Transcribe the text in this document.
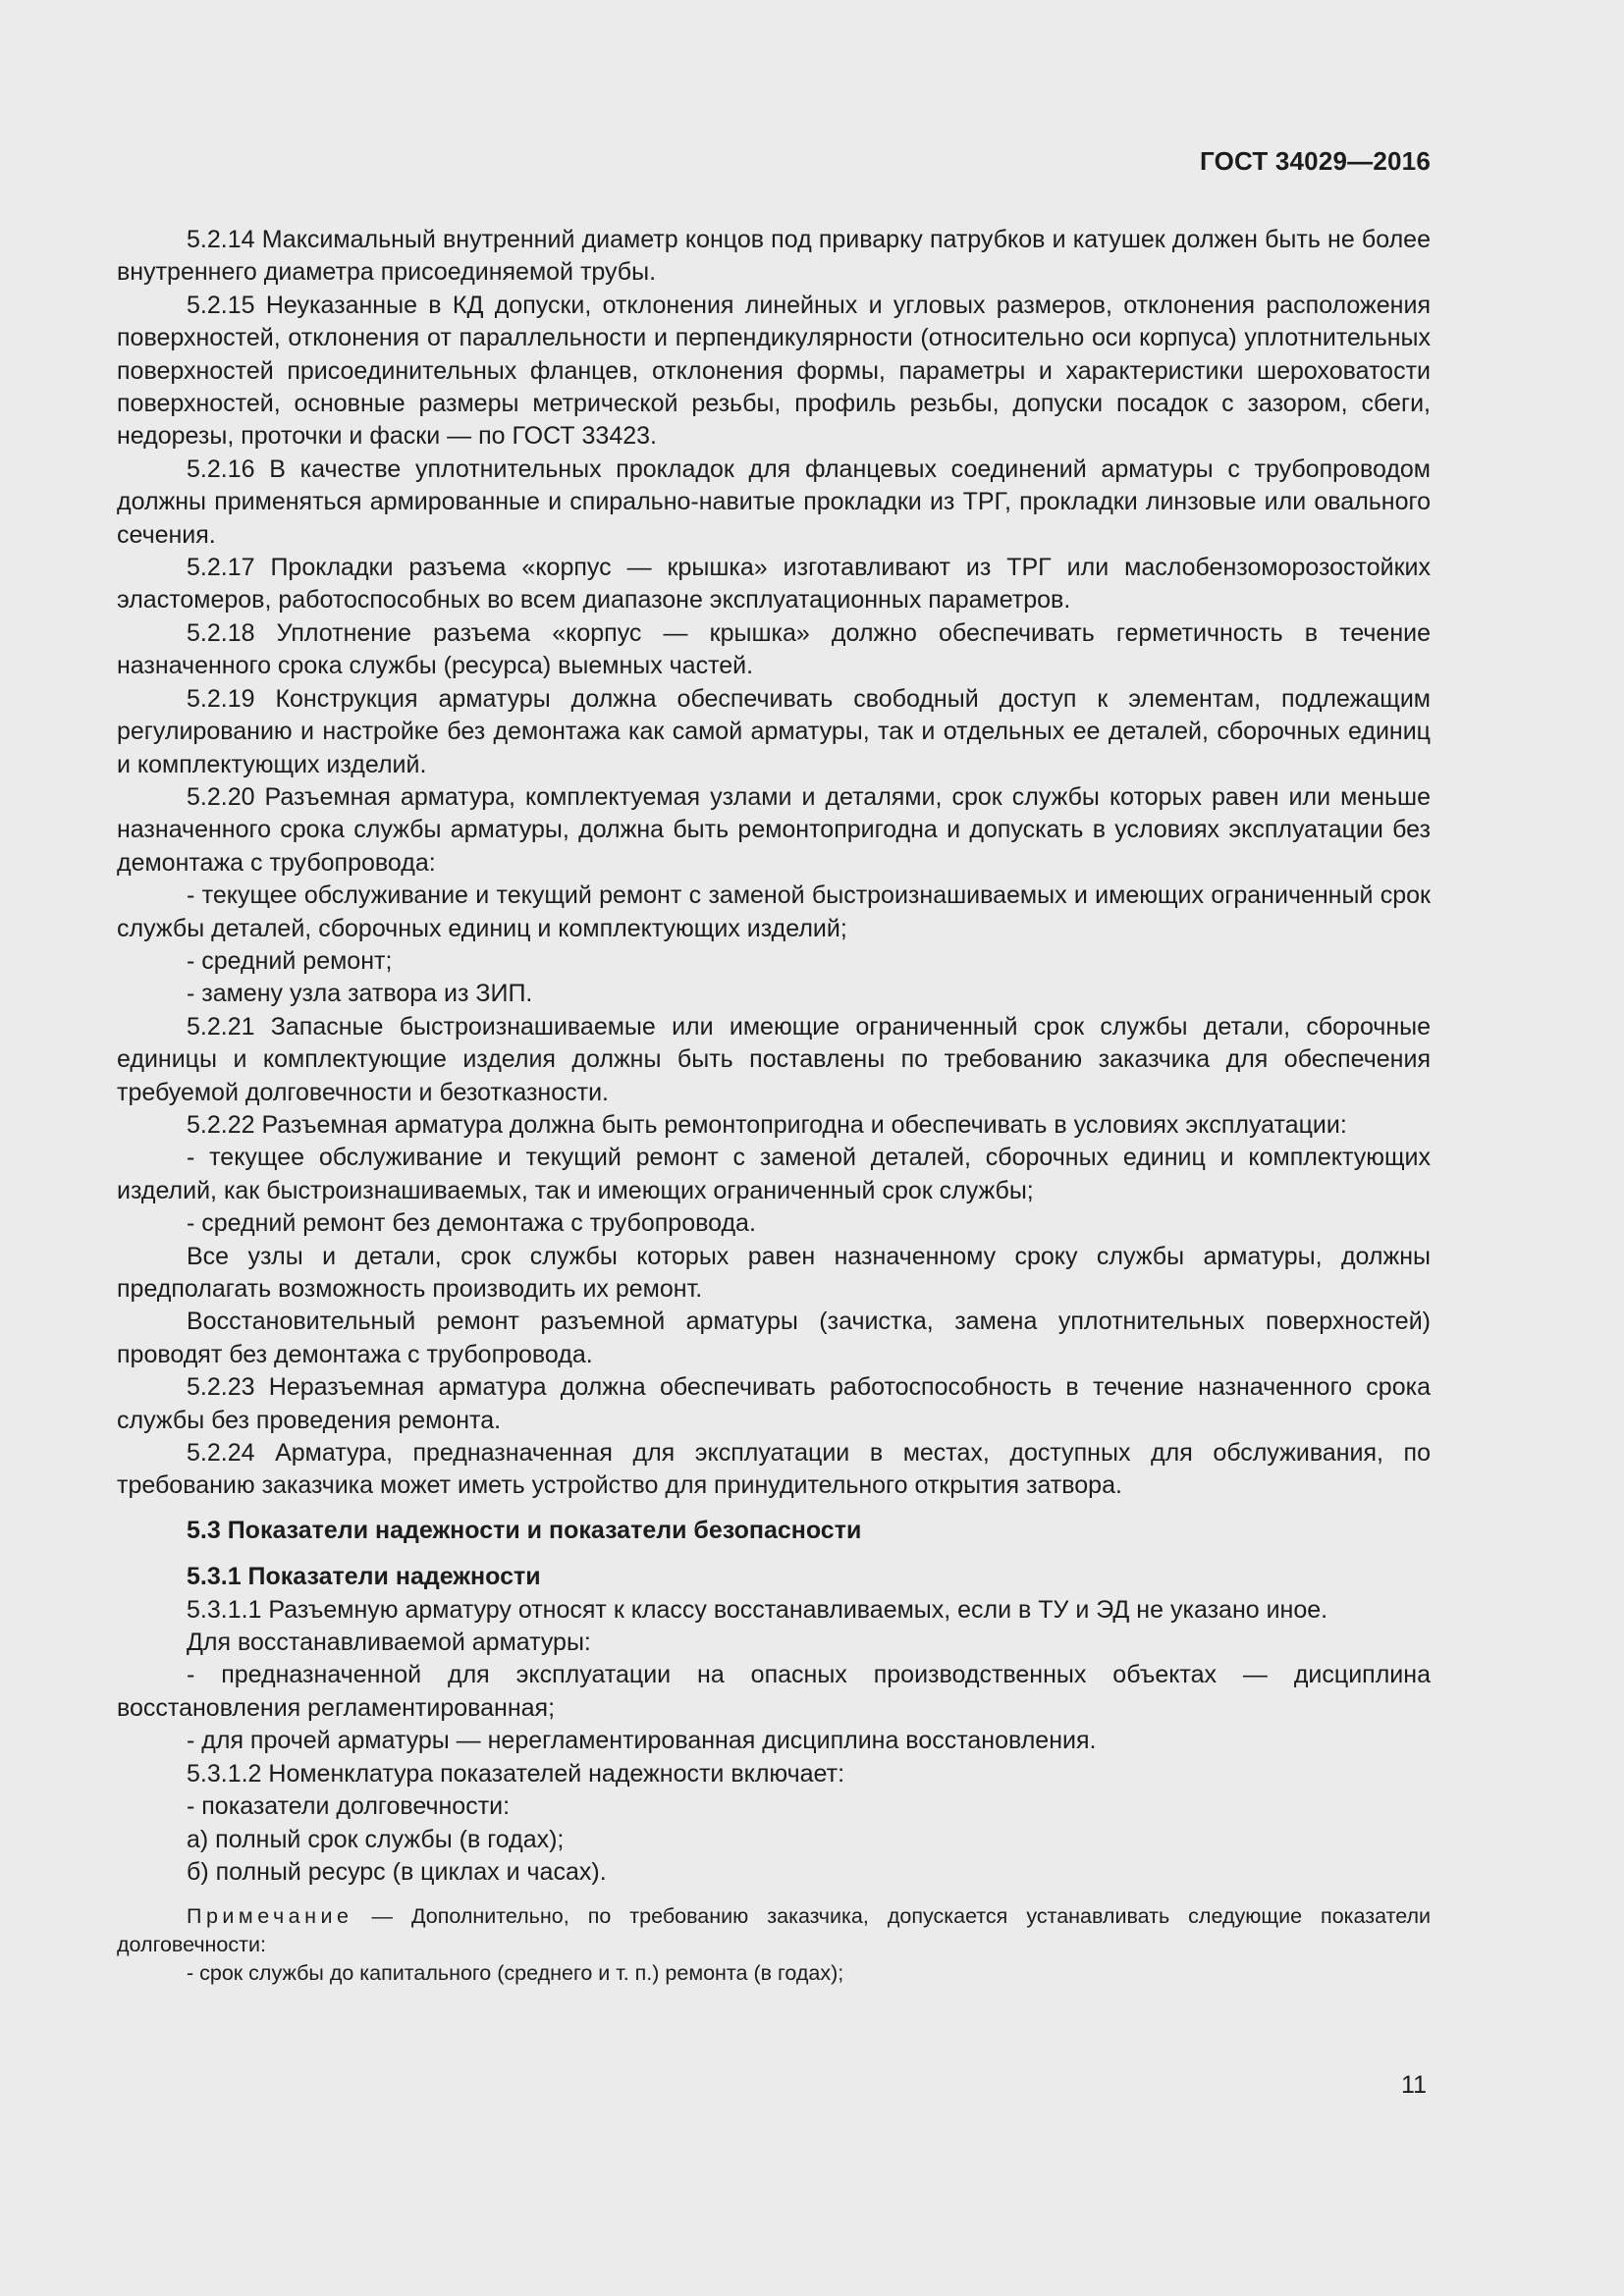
ГОСТ 34029—2016

5.2.14 Максимальный внутренний диаметр концов под приварку патрубков и катушек должен быть не более внутреннего диаметра присоединяемой трубы.

5.2.15 Неуказанные в КД допуски, отклонения линейных и угловых размеров, отклонения расположения поверхностей, отклонения от параллельности и перпендикулярности (относительно оси корпуса) уплотнительных поверхностей присоединительных фланцев, отклонения формы, параметры и характеристики шероховатости поверхностей, основные размеры метрической резьбы, профиль резьбы, допуски посадок с зазором, сбеги, недорезы, проточки и фаски — по ГОСТ 33423.

5.2.16 В качестве уплотнительных прокладок для фланцевых соединений арматуры с трубопроводом должны применяться армированные и спирально-навитые прокладки из ТРГ, прокладки линзовые или овального сечения.

5.2.17 Прокладки разъема «корпус — крышка» изготавливают из ТРГ или маслобензоморозостойких эластомеров, работоспособных во всем диапазоне эксплуатационных параметров.

5.2.18 Уплотнение разъема «корпус — крышка» должно обеспечивать герметичность в течение назначенного срока службы (ресурса) выемных частей.

5.2.19 Конструкция арматуры должна обеспечивать свободный доступ к элементам, подлежащим регулированию и настройке без демонтажа как самой арматуры, так и отдельных ее деталей, сборочных единиц и комплектующих изделий.

5.2.20 Разъемная арматура, комплектуемая узлами и деталями, срок службы которых равен или меньше назначенного срока службы арматуры, должна быть ремонтопригодна и допускать в условиях эксплуатации без демонтажа с трубопровода:

- текущее обслуживание и текущий ремонт с заменой быстроизнашиваемых и имеющих ограниченный срок службы деталей, сборочных единиц и комплектующих изделий;

- средний ремонт;

- замену узла затвора из ЗИП.

5.2.21 Запасные быстроизнашиваемые или имеющие ограниченный срок службы детали, сборочные единицы и комплектующие изделия должны быть поставлены по требованию заказчика для обеспечения требуемой долговечности и безотказности.

5.2.22 Разъемная арматура должна быть ремонтопригодна и обеспечивать в условиях эксплуатации:

- текущее обслуживание и текущий ремонт с заменой деталей, сборочных единиц и комплектующих изделий, как быстроизнашиваемых, так и имеющих ограниченный срок службы;

- средний ремонт без демонтажа с трубопровода.

Все узлы и детали, срок службы которых равен назначенному сроку службы арматуры, должны предполагать возможность производить их ремонт.

Восстановительный ремонт разъемной арматуры (зачистка, замена уплотнительных поверхностей) проводят без демонтажа с трубопровода.

5.2.23 Неразъемная арматура должна обеспечивать работоспособность в течение назначенного срока службы без проведения ремонта.

5.2.24 Арматура, предназначенная для эксплуатации в местах, доступных для обслуживания, по требованию заказчика может иметь устройство для принудительного открытия затвора.

5.3 Показатели надежности и показатели безопасности

5.3.1 Показатели надежности

5.3.1.1 Разъемную арматуру относят к классу восстанавливаемых, если в ТУ и ЭД не указано иное.

Для восстанавливаемой арматуры:

- предназначенной для эксплуатации на опасных производственных объектах — дисциплина восстановления регламентированная;

- для прочей арматуры — нерегламентированная дисциплина восстановления.

5.3.1.2 Номенклатура показателей надежности включает:

- показатели долговечности:

а) полный срок службы (в годах);

б) полный ресурс (в циклах и часах).

Примечание — Дополнительно, по требованию заказчика, допускается устанавливать следующие показатели долговечности:

- срок службы до капитального (среднего и т. п.) ремонта (в годах);

11
